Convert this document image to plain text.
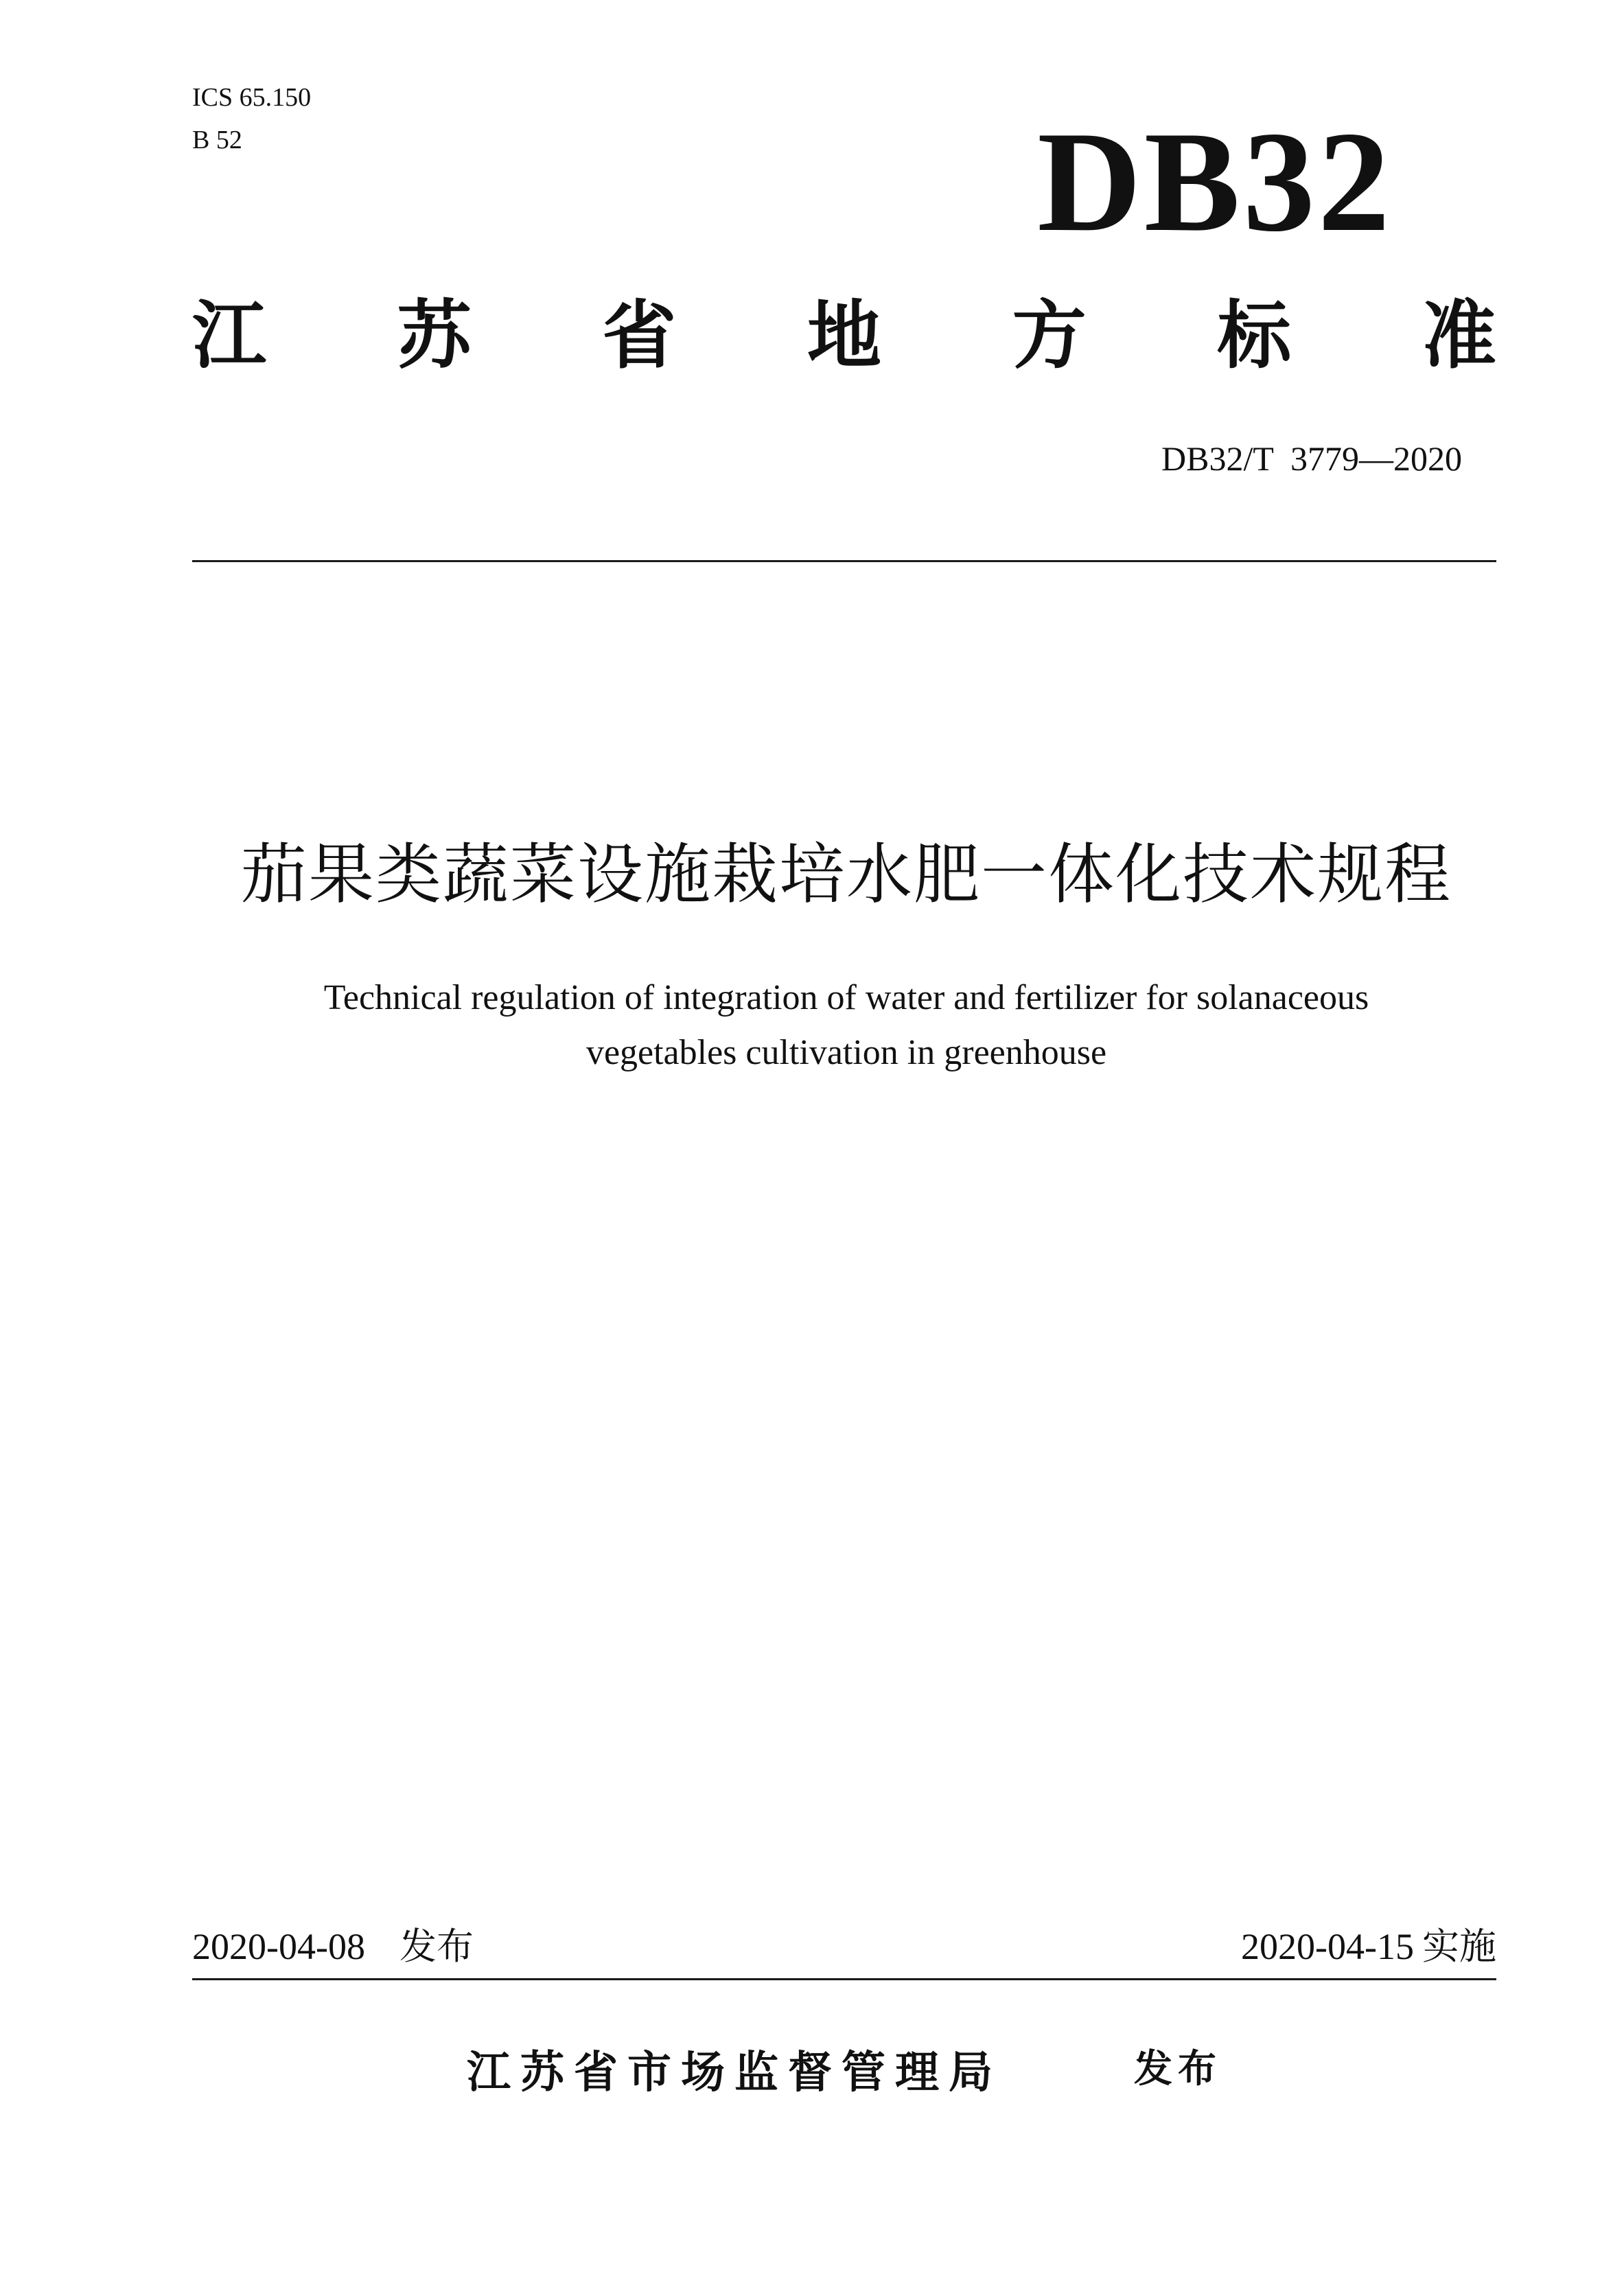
ICS 65.150
B 52	DB32
江 苏 省 地 方 标 准
DB32/T  3779—2020
茄果类蔬菜设施栽培水肥一体化技术规程
Technical regulation of integration of water and fertilizer for solanaceous
vegetables cultivation in greenhouse
2020-04-08 发布	2020-04-15 实施
江苏省市场监督管理局	发布
